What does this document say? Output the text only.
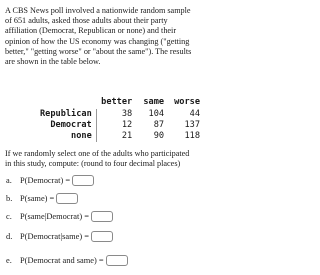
A CBS News poll involved a nationwide random sample of 651 adults, asked those adults about their party affiliation (Democrat, Republican or none) and their opinion of how the US economy was changing ("getting better," "getting worse" or "about the same"). The results are shown in the table below.

	better	same	worse
Republican	38	104	44
Democrat	12	87	137
none	21	90	118

If we randomly select one of the adults who participated in this study, compute: (round to four decimal places)

a. P(Democrat) =
b. P(same) =
c. P(same|Democrat) =
d. P(Democrat|same) =
e. P(Democrat and same) =
